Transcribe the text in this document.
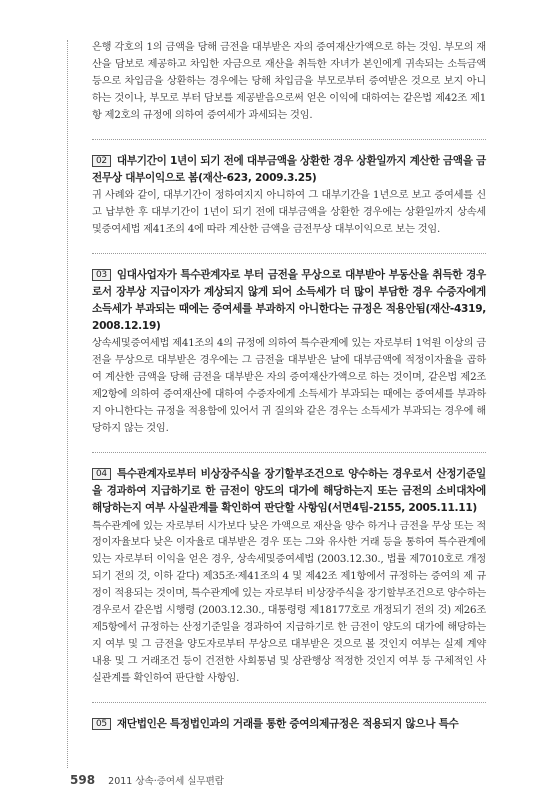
은행 각호의 1의 금액을 당해 금전을 대부받은 자의 증여재산가액으로 하는 것임. 부모의 재산을 담보로 제공하고 차입한 자금으로 재산을 취득한 자녀가 본인에게 귀속되는 소득금액 등으로 차입금을 상환하는 경우에는 당해 차입금을 부모로부터 증여받은 것으로 보지 아니하는 것이나, 부모로 부터 담보를 제공받음으로써 얻은 이익에 대하여는 같은법 제42조 제1항 제2호의 규정에 의하여 증여세가 과세되는 것임.

02 대부기간이 1년이 되기 전에 대부금액을 상환한 경우 상환일까지 계산한 금액을 금전무상 대부이익으로 봄(재산-623, 2009.3.25)

귀 사례와 같이, 대부기간이 정하여지지 아니하여 그 대부기간을 1년으로 보고 증여세를 신고 납부한 후 대부기간이 1년이 되기 전에 대부금액을 상환한 경우에는 상환일까지 상속세및증여세법 제41조의 4에 따라 계산한 금액을 금전무상 대부이익으로 보는 것임.

03 임대사업자가 특수관계자로 부터 금전을 무상으로 대부받아 부동산을 취득한 경우로서 장부상 지급이자가 계상되지 않게 되어 소득세가 더 많이 부담한 경우 수증자에게 소득세가 부과되는 때에는 증여세를 부과하지 아니한다는 규정은 적용안됨(재산-4319, 2008.12.19)

상속세및증여세법 제41조의 4의 규정에 의하여 특수관계에 있는 자로부터 1억원 이상의 금전을 무상으로 대부받은 경우에는 그 금전을 대부받은 날에 대부금액에 적정이자율을 곱하여 계산한 금액을 당해 금전을 대부받은 자의 증여재산가액으로 하는 것이며, 같은법 제2조 제2항에 의하여 증여재산에 대하여 수증자에게 소득세가 부과되는 때에는 증여세를 부과하지 아니한다는 규정을 적용함에 있어서 귀 질의와 같은 경우는 소득세가 부과되는 경우에 해당하지 않는 것임.

04 특수관계자로부터 비상장주식을 장기할부조건으로 양수하는 경우로서 산정기준일을 경과하여 지급하기로 한 금전이 양도의 대가에 해당하는지 또는 금전의 소비대차에 해당하는지 여부 사실관계를 확인하여 판단할 사항임(서면4팀-2155, 2005.11.11)

특수관계에 있는 자로부터 시가보다 낮은 가액으로 재산을 양수 하거나 금전을 무상 또는 적정이자율보다 낮은 이자율로 대부받은 경우 또는 그와 유사한 거래 등을 통하여 특수관계에 있는 자로부터 이익을 얻은 경우, 상속세및증여세법 (2003.12.30., 법률 제7010호로 개정되기 전의 것, 이하 같다) 제35조·제41조의 4 및 제42조 제1항에서 규정하는 증여의 제 규정이 적용되는 것이며, 특수관계에 있는 자로부터 비상장주식을 장기할부조건으로 양수하는 경우로서 같은법 시행령 (2003.12.30., 대통령령 제18177호로 개정되기 전의 것) 제26조 제5항에서 규정하는 산정기준일을 경과하여 지급하기로 한 금전이 양도의 대가에 해당하는지 여부 및 그 금전을 양도자로부터 무상으로 대부받은 것으로 볼 것인지 여부는 실제 계약내용 및 그 거래조건 등이 건전한 사회통념 및 상관행상 적정한 것인지 여부 등 구체적인 사실관계를 확인하여 판단할 사항임.

05 재단법인은 특정법인과의 거래를 통한 증여의제규정은 적용되지 않으나 특수

598 2011 상속·증여세 실무편람
